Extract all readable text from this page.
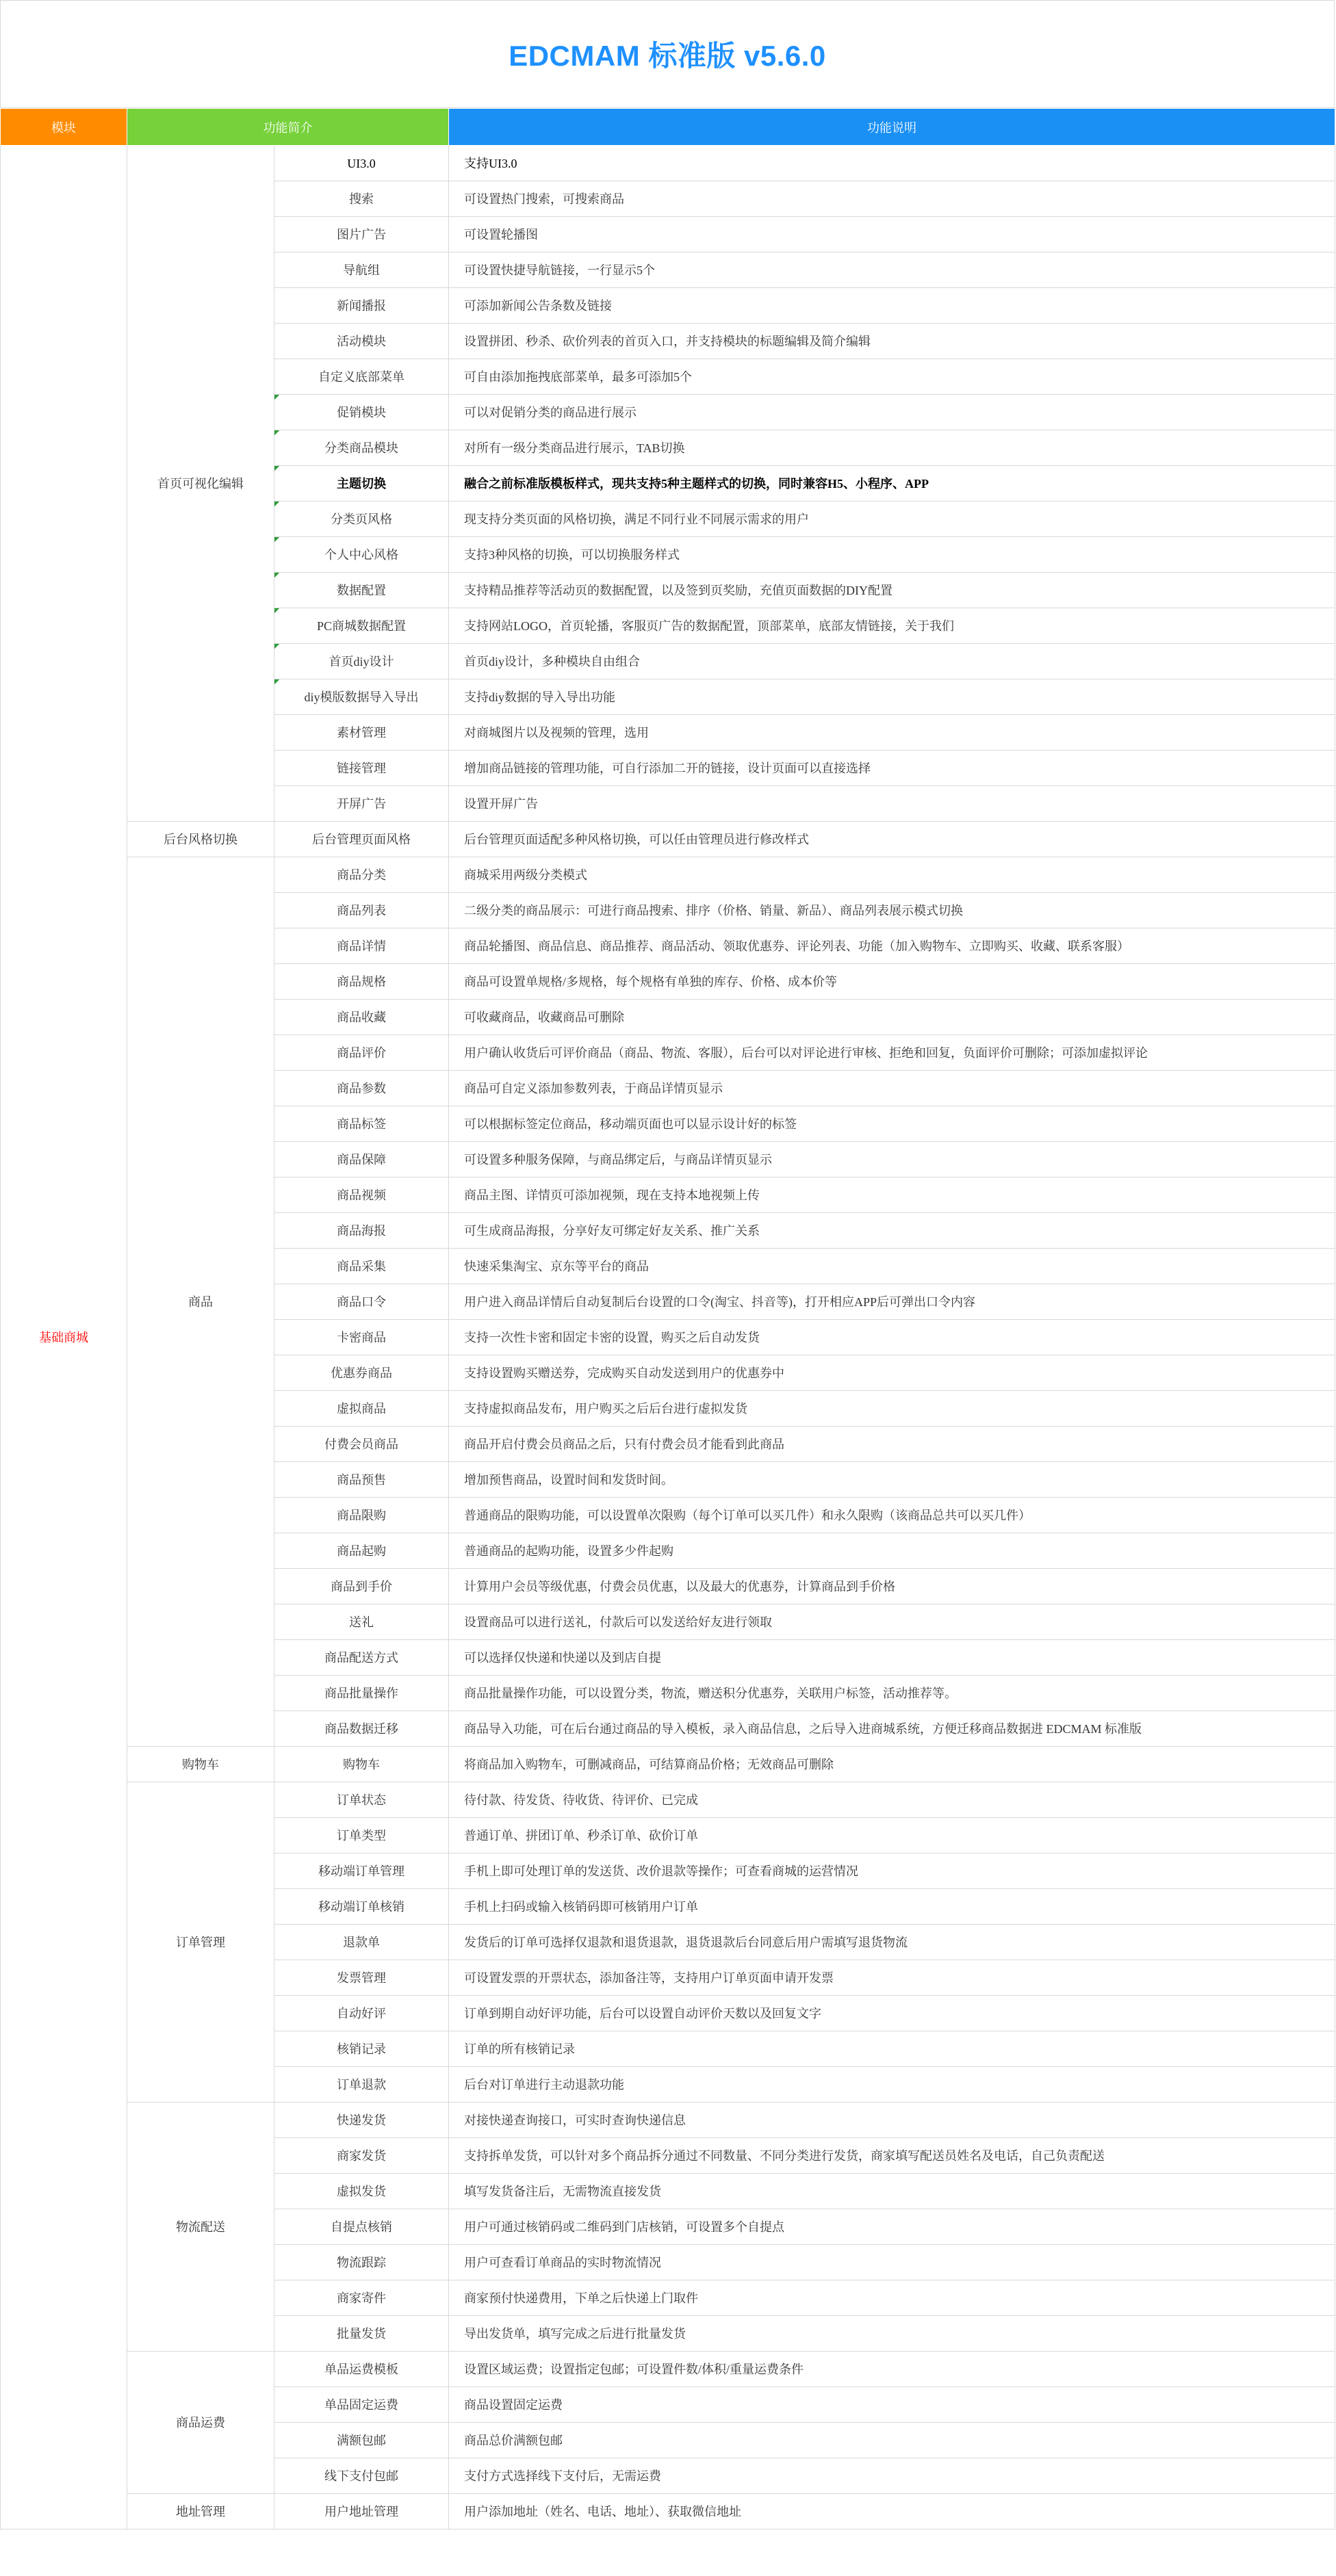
EDCMAM 标准版 v5.6.0
模块	功能简介		功能说明
基础商城	首页可视化编辑	UI3.0	支持UI3.0
		搜索	可设置热门搜索，可搜索商品
		图片广告	可设置轮播图
		导航组	可设置快捷导航链接，一行显示5个
		新闻播报	可添加新闻公告条数及链接
		活动模块	设置拼团、秒杀、砍价列表的首页入口，并支持模块的标题编辑及简介编辑
		自定义底部菜单	可自由添加拖拽底部菜单，最多可添加5个
		促销模块	可以对促销分类的商品进行展示
		分类商品模块	对所有一级分类商品进行展示，TAB切换
		主题切换	融合之前标准版模板样式，现共支持5种主题样式的切换，同时兼容H5、小程序、APP
		分类页风格	现支持分类页面的风格切换，满足不同行业不同展示需求的用户
		个人中心风格	支持3种风格的切换，可以切换服务样式
		数据配置	支持精品推荐等活动页的数据配置，以及签到页奖励，充值页面数据的DIY配置
		PC商城数据配置	支持网站LOGO，首页轮播，客服页广告的数据配置，顶部菜单，底部友情链接，关于我们
		首页diy设计	首页diy设计，多种模块自由组合
		diy模版数据导入导出	支持diy数据的导入导出功能
		素材管理	对商城图片以及视频的管理，选用
		链接管理	增加商品链接的管理功能，可自行添加二开的链接，设计页面可以直接选择
		开屏广告	设置开屏广告
	后台风格切换	后台管理页面风格	后台管理页面适配多种风格切换，可以任由管理员进行修改样式
	商品	商品分类	商城采用两级分类模式
		商品列表	二级分类的商品展示：可进行商品搜索、排序（价格、销量、新品）、商品列表展示模式切换
		商品详情	商品轮播图、商品信息、商品推荐、商品活动、领取优惠券、评论列表、功能（加入购物车、立即购买、收藏、联系客服）
		商品规格	商品可设置单规格/多规格，每个规格有单独的库存、价格、成本价等
		商品收藏	可收藏商品，收藏商品可删除
		商品评价	用户确认收货后可评价商品（商品、物流、客服），后台可以对评论进行审核、拒绝和回复，负面评价可删除；可添加虚拟评论
		商品参数	商品可自定义添加参数列表，于商品详情页显示
		商品标签	可以根据标签定位商品，移动端页面也可以显示设计好的标签
		商品保障	可设置多种服务保障，与商品绑定后，与商品详情页显示
		商品视频	商品主图、详情页可添加视频，现在支持本地视频上传
		商品海报	可生成商品海报，分享好友可绑定好友关系、推广关系
		商品采集	快速采集淘宝、京东等平台的商品
		商品口令	用户进入商品详情后自动复制后台设置的口令(淘宝、抖音等)，打开相应APP后可弹出口令内容
		卡密商品	支持一次性卡密和固定卡密的设置，购买之后自动发货
		优惠券商品	支持设置购买赠送券，完成购买自动发送到用户的优惠券中
		虚拟商品	支持虚拟商品发布，用户购买之后后台进行虚拟发货
		付费会员商品	商品开启付费会员商品之后，只有付费会员才能看到此商品
		商品预售	增加预售商品，设置时间和发货时间。
		商品限购	普通商品的限购功能，可以设置单次限购（每个订单可以买几件）和永久限购（该商品总共可以买几件）
		商品起购	普通商品的起购功能，设置多少件起购
		商品到手价	计算用户会员等级优惠，付费会员优惠，以及最大的优惠券，计算商品到手价格
		送礼	设置商品可以进行送礼，付款后可以发送给好友进行领取
		商品配送方式	可以选择仅快递和快递以及到店自提
		商品批量操作	商品批量操作功能，可以设置分类，物流，赠送积分优惠券，关联用户标签，活动推荐等。
		商品数据迁移	商品导入功能，可在后台通过商品的导入模板，录入商品信息，之后导入进商城系统，方便迁移商品数据进 EDCMAM 标准版
	购物车	购物车	将商品加入购物车，可删减商品，可结算商品价格；无效商品可删除
	订单管理	订单状态	待付款、待发货、待收货、待评价、已完成
		订单类型	普通订单、拼团订单、秒杀订单、砍价订单
		移动端订单管理	手机上即可处理订单的发送货、改价退款等操作；可查看商城的运营情况
		移动端订单核销	手机上扫码或输入核销码即可核销用户订单
		退款单	发货后的订单可选择仅退款和退货退款，退货退款后台同意后用户需填写退货物流
		发票管理	可设置发票的开票状态，添加备注等，支持用户订单页面申请开发票
		自动好评	订单到期自动好评功能，后台可以设置自动评价天数以及回复文字
		核销记录	订单的所有核销记录
		订单退款	后台对订单进行主动退款功能
	物流配送	快递发货	对接快递查询接口，可实时查询快递信息
		商家发货	支持拆单发货，可以针对多个商品拆分通过不同数量、不同分类进行发货，商家填写配送员姓名及电话，自己负责配送
		虚拟发货	填写发货备注后，无需物流直接发货
		自提点核销	用户可通过核销码或二维码到门店核销，可设置多个自提点
		物流跟踪	用户可查看订单商品的实时物流情况
		商家寄件	商家预付快递费用，下单之后快递上门取件
		批量发货	导出发货单，填写完成之后进行批量发货
	商品运费	单品运费模板	设置区域运费；设置指定包邮；可设置件数/体积/重量运费条件
		单品固定运费	商品设置固定运费
		满额包邮	商品总价满额包邮
		线下支付包邮	支付方式选择线下支付后，无需运费
	地址管理	用户地址管理	用户添加地址（姓名、电话、地址）、获取微信地址
